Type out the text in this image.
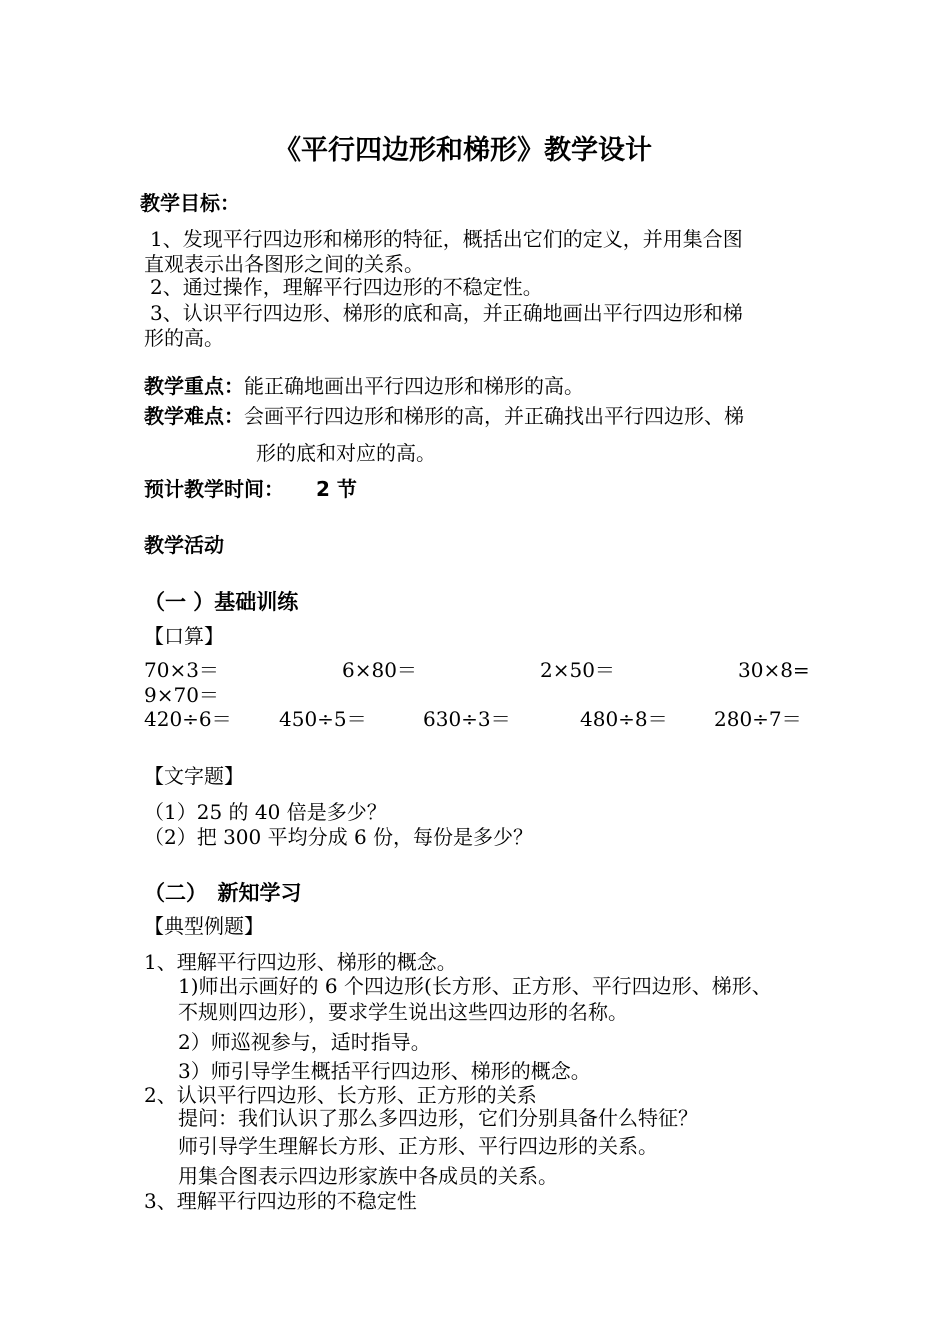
《平行四边形和梯形》教学设计
教学目标：
1、发现平行四边形和梯形的特征，概括出它们的定义，并用集合图
直观表示出各图形之间的关系。
2、通过操作，理解平行四边形的不稳定性。
3、认识平行四边形、梯形的底和高，并正确地画出平行四边形和梯
形的高。
教学重点：能正确地画出平行四边形和梯形的高。
教学难点：会画平行四边形和梯形的高，并正确找出平行四边形、梯
形的底和对应的高。
预计教学时间： 2 节
教学活动
（一 ）基础训练
【口算】
70×3＝	6×80＝	2×50＝	30×8=
9×70＝
420÷6＝ 450÷5＝	630÷3＝	480÷8＝ 280÷7＝
【文字题】
（1）25 的 40 倍是多少？
（2）把 300 平均分成 6 份，每份是多少？
（二）　新知学习
【典型例题】
1、理解平行四边形、梯形的概念。
1)师出示画好的 6 个四边形(长方形、正方形、平行四边形、梯形、
不规则四边形），要求学生说出这些四边形的名称。
2）师巡视参与，适时指导。
3）师引导学生概括平行四边形、梯形的概念。
2、认识平行四边形、长方形、正方形的关系
提问：我们认识了那么多四边形，它们分别具备什么特征？
师引导学生理解长方形、正方形、平行四边形的关系。
用集合图表示四边形家族中各成员的关系。
3、理解平行四边形的不稳定性
